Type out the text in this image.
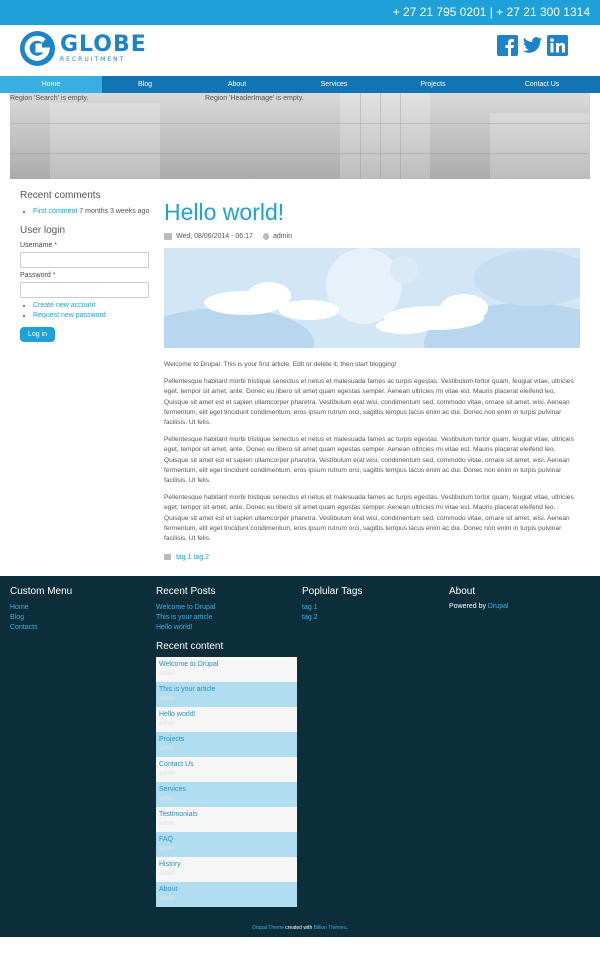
+ 27 21 795 0201 | + 27 21 300 1314
GLOBE
RECRUITMENT
Home	Blog	About	Services	Projects	Contact Us
Region 'Search' is empty.	Region 'HeaderImage' is empty.
Recent comments
• First comment 7 months 3 weeks ago
User login
Username *
Password *
• Create new account
• Request new password
Log in
Hello world!
Wed, 08/06/2014 - 06:17	admin

Welcome to Drupal. This is your first article. Edit or delete it, then start blogging!

Pellentesque habitant morbi tristique senectus et netus et malesuada fames ac turpis egestas. Vestibulum tortor quam, feugiat vitae, ultricies eget, tempor sit amet, ante. Donec eu libero sit amet quam egestas semper. Aenean ultricies mi vitae est. Mauris placerat eleifend leo. Quisque sit amet est et sapien ullamcorper pharetra. Vestibulum erat wisi, condimentum sed, commodo vitae, ornare sit amet, wisi. Aenean fermentum, elit eget tincidunt condimentum, eros ipsum rutrum orci, sagittis tempus lacus enim ac dui. Donec non enim in turpis pulvinar facilisis. Ut felis.

Pellentesque habitant morbi tristique senectus et netus et malesuada fames ac turpis egestas. Vestibulum tortor quam, feugiat vitae, ultricies eget, tempor sit amet, ante. Donec eu libero sit amet quam egestas semper. Aenean ultricies mi vitae est. Mauris placerat eleifend leo. Quisque sit amet est et sapien ullamcorper pharetra. Vestibulum erat wisi, condimentum sed, commodo vitae, ornare sit amet, wisi. Aenean fermentum, elit eget tincidunt condimentum, eros ipsum rutrum orci, sagittis tempus lacus enim ac dui. Donec non enim in turpis pulvinar facilisis. Ut felis.

Pellentesque habitant morbi tristique senectus et netus et malesuada fames ac turpis egestas. Vestibulum tortor quam, feugiat vitae, ultricies eget, tempor sit amet, ante. Donec eu libero sit amet quam egestas semper. Aenean ultricies mi vitae est. Mauris placerat eleifend leo. Quisque sit amet est et sapien ullamcorper pharetra. Vestibulum erat wisi, condimentum sed, commodo vitae, ornare sit amet, wisi. Aenean fermentum, elit eget tincidunt condimentum, eros ipsum rutrum orci, sagittis tempus lacus enim ac dui. Donec non enim in turpis pulvinar facilisis. Ut felis.

tag 1 tag 2
Custom Menu
Home
Blog
Contacts
Recent Posts
Welcome to Drupal
This is your article
Hello world!
Recent content
Welcome to Drupal
admin
This is your article
admin
Hello world!
admin
Projects
admin
Contact Us
admin
Services
admin
Testimonials
admin
FAQ
admin
History
admin
About
admin
Poplular Tags
tag 1
tag 2
About
Powered by Drupal
Drupal Theme created with Billion Themes.
